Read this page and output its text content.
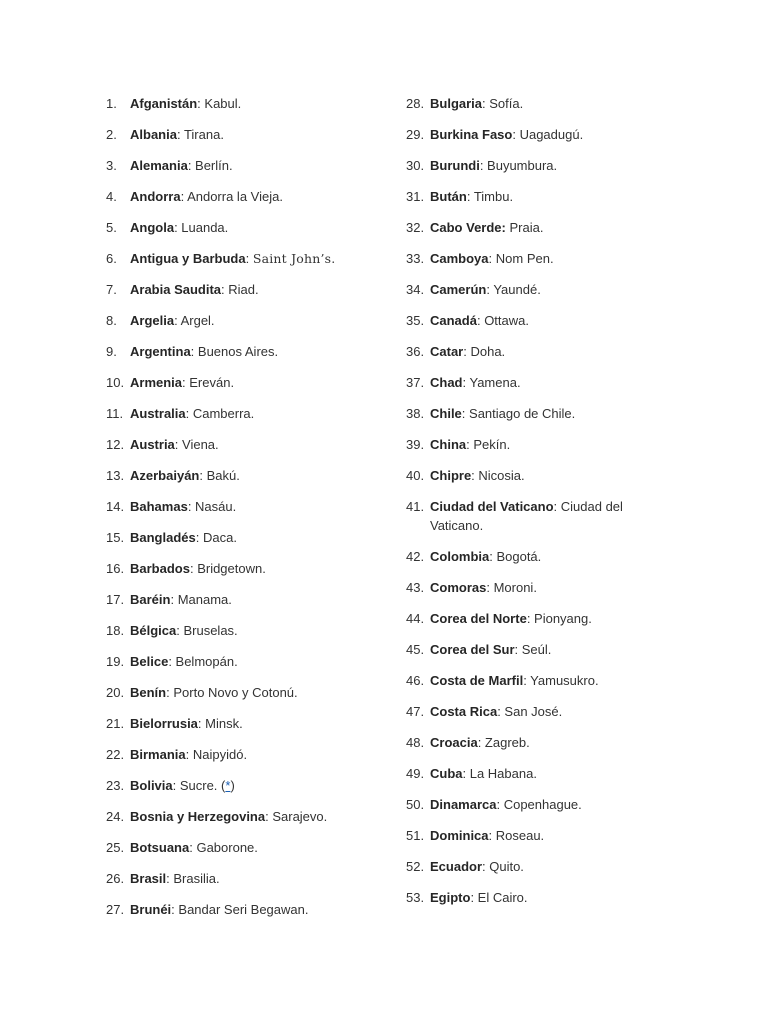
1. Afganistán: Kabul.
2. Albania: Tirana.
3. Alemania: Berlín.
4. Andorra: Andorra la Vieja.
5. Angola: Luanda.
6. Antigua y Barbuda: Saint John’s.
7. Arabia Saudita: Riad.
8. Argelia: Argel.
9. Argentina: Buenos Aires.
10. Armenia: Ereván.
11. Australia: Camberra.
12. Austria: Viena.
13. Azerbaiyán: Bakú.
14. Bahamas: Nasáu.
15. Bangladés: Daca.
16. Barbados: Bridgetown.
17. Baréin: Manama.
18. Bélgica: Bruselas.
19. Belice: Belmopán.
20. Benín: Porto Novo y Cotonú.
21. Bielorrusia: Minsk.
22. Birmania: Naipyidó.
23. Bolivia: Sucre. (*)
24. Bosnia y Herzegovina: Sarajevo.
25. Botsuana: Gaborone.
26. Brasil: Brasilia.
27. Brunéi: Bandar Seri Begawan.
28. Bulgaria: Sofía.
29. Burkina Faso: Uagadugú.
30. Burundi: Buyumbura.
31. Bután: Timbu.
32. Cabo Verde: Praia.
33. Camboya: Nom Pen.
34. Camerún: Yaundé.
35. Canadá: Ottawa.
36. Catar: Doha.
37. Chad: Yamena.
38. Chile: Santiago de Chile.
39. China: Pekín.
40. Chipre: Nicosia.
41. Ciudad del Vaticano: Ciudad del Vaticano.
42. Colombia: Bogotá.
43. Comoras: Moroni.
44. Corea del Norte: Pionyang.
45. Corea del Sur: Seúl.
46. Costa de Marfil: Yamusukro.
47. Costa Rica: San José.
48. Croacia: Zagreb.
49. Cuba: La Habana.
50. Dinamarca: Copenhague.
51. Dominica: Roseau.
52. Ecuador: Quito.
53. Egipto: El Cairo.
